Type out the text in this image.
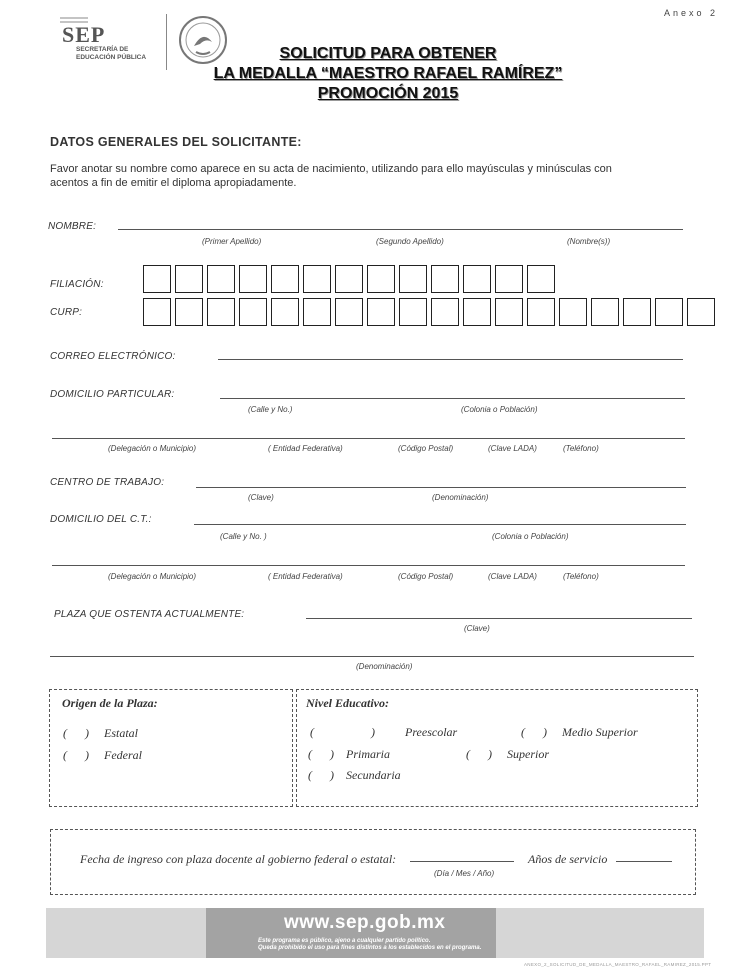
Anexo 2
SEP
SECRETARÍA DE
EDUCACIÓN PÚBLICA	SOLICITUD PARA OBTENER
LA MEDALLA “MAESTRO RAFAEL RAMÍREZ”
PROMOCIÓN 2015
DATOS GENERALES DEL SOLICITANTE:
Favor anotar su nombre como aparece en su acta de nacimiento, utilizando para ello mayúsculas y minúsculas con
acentos a fin de emitir el diploma apropiadamente.
NOMBRE:
(Primer Apellido)	(Segundo Apellido)	(Nombre(s))
FILIACIÓN:
CURP:
CORREO ELECTRÓNICO:
DOMICILIO PARTICULAR:
(Calle y No.)	(Colonia o Población)
(Delegación o Municipio)	( Entidad Federativa)	(Código Postal)	(Clave LADA)	(Teléfono)
CENTRO DE TRABAJO:
(Clave)	(Denominación)
DOMICILIO DEL C.T.:
(Calle y No. )	(Colonia o Población)
(Delegación o Municipio)	( Entidad Federativa)	(Código Postal)	(Clave LADA)	(Teléfono)
PLAZA QUE OSTENTA ACTUALMENTE:
(Clave)
(Denominación)
Origen de la Plaza:
(      )     Estatal
(      )     Federal
Nivel Educativo:
(                   )          Preescolar	(      )     Medio Superior
(      )    Primaria	(      )     Superior
(      )    Secundaria
Fecha de ingreso con plaza docente al gobierno federal o estatal:
(Día / Mes / Año)
Años de servicio
www.sep.gob.mx
Este programa es público, ajeno a cualquier partido político.
Queda prohibido el uso para fines distintos a los establecidos en el programa.
ANEXO_2_SOLICITUD_DE_MEDALLA_MAESTRO_RAFAEL_RAMIREZ_2015.PPT
